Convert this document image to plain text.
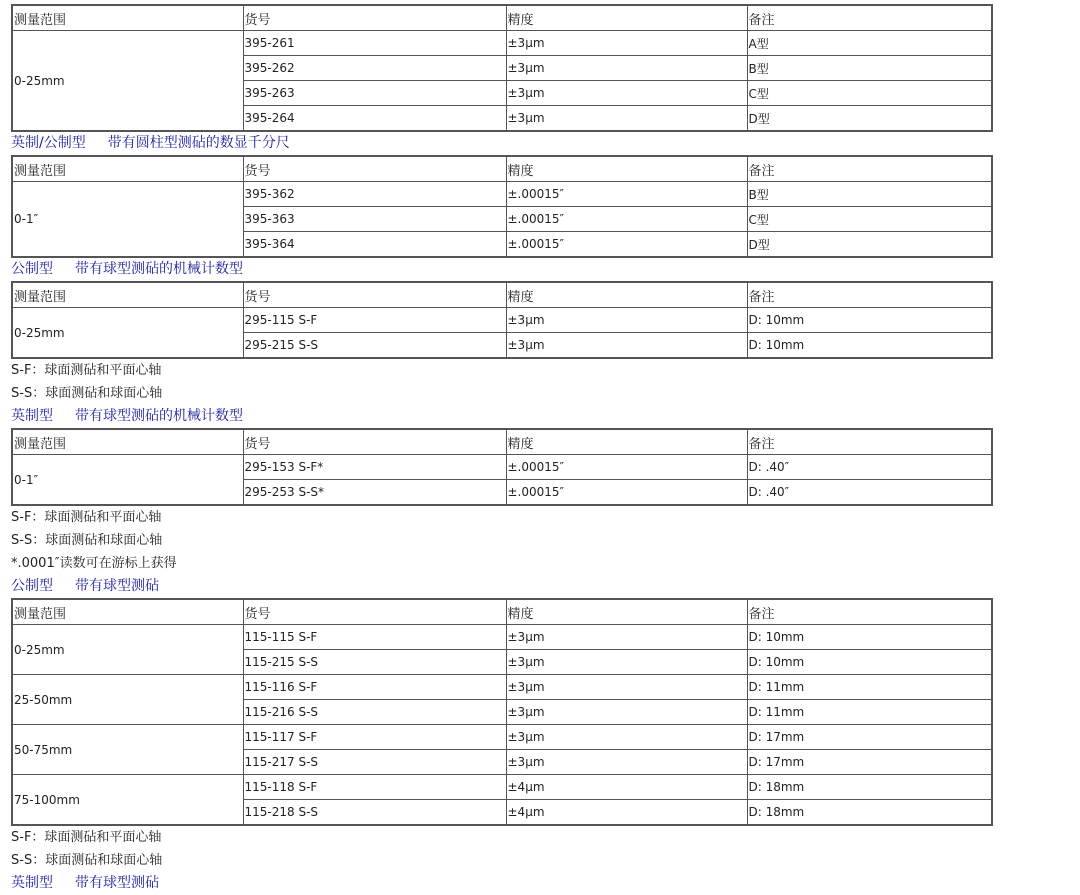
测量范围	货号	精度	备注
0-25mm	395-261	±3μm	A型
	395-262	±3μm	B型
	395-263	±3μm	C型
	395-264	±3μm	D型
英制/公制型 带有圆柱型测砧的数显千分尺
测量范围	货号	精度	备注
0-1″	395-362	±.00015″	B型
	395-363	±.00015″	C型
	395-364	±.00015″	D型
公制型 带有球型测砧的机械计数型
测量范围	货号	精度	备注
0-25mm	295-115 S-F	±3μm	D: 10mm
	295-215 S-S	±3μm	D: 10mm
S-F：球面测砧和平面心轴
S-S：球面测砧和球面心轴
英制型 带有球型测砧的机械计数型
测量范围	货号	精度	备注
0-1″	295-153 S-F*	±.00015″	D: .40″
	295-253 S-S*	±.00015″	D: .40″
S-F：球面测砧和平面心轴
S-S：球面测砧和球面心轴
*.0001″读数可在游标上获得
公制型 带有球型测砧
测量范围	货号	精度	备注
0-25mm	115-115 S-F	±3μm	D: 10mm
	115-215 S-S	±3μm	D: 10mm
25-50mm	115-116 S-F	±3μm	D: 11mm
	115-216 S-S	±3μm	D: 11mm
50-75mm	115-117 S-F	±3μm	D: 17mm
	115-217 S-S	±3μm	D: 17mm
75-100mm	115-118 S-F	±4μm	D: 18mm
	115-218 S-S	±4μm	D: 18mm
S-F：球面测砧和平面心轴
S-S：球面测砧和球面心轴
英制型 带有球型测砧
